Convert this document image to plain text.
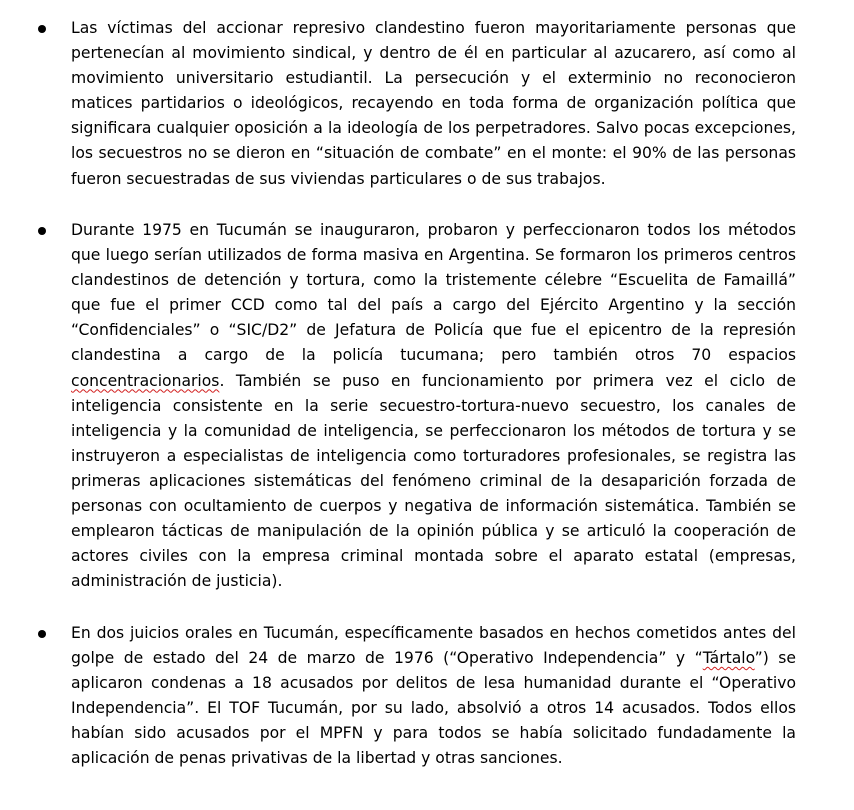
Las víctimas del accionar represivo clandestino fueron mayoritariamente personas que pertenecían al movimiento sindical, y dentro de él en particular al azucarero, así como al movimiento universitario estudiantil. La persecución y el exterminio no reconocieron matices partidarios o ideológicos, recayendo en toda forma de organización política que significara cualquier oposición a la ideología de los perpetradores. Salvo pocas excepciones, los secuestros no se dieron en “situación de combate” en el monte: el 90% de las personas fueron secuestradas de sus viviendas particulares o de sus trabajos.

Durante 1975 en Tucumán se inauguraron, probaron y perfeccionaron todos los métodos que luego serían utilizados de forma masiva en Argentina. Se formaron los primeros centros clandestinos de detención y tortura, como la tristemente célebre “Escuelita de Famaillá” que fue el primer CCD como tal del país a cargo del Ejército Argentino y la sección “Confidenciales” o “SIC/D2” de Jefatura de Policía que fue el epicentro de la represión clandestina a cargo de la policía tucumana; pero también otros 70 espacios concentracionarios. También se puso en funcionamiento por primera vez el ciclo de inteligencia consistente en la serie secuestro-tortura-nuevo secuestro, los canales de inteligencia y la comunidad de inteligencia, se perfeccionaron los métodos de tortura y se instruyeron a especialistas de inteligencia como torturadores profesionales, se registra las primeras aplicaciones sistemáticas del fenómeno criminal de la desaparición forzada de personas con ocultamiento de cuerpos y negativa de información sistemática. También se emplearon tácticas de manipulación de la opinión pública y se articuló la cooperación de actores civiles con la empresa criminal montada sobre el aparato estatal (empresas, administración de justicia).

En dos juicios orales en Tucumán, específicamente basados en hechos cometidos antes del golpe de estado del 24 de marzo de 1976 (“Operativo Independencia” y “Tártalo”) se aplicaron condenas a 18 acusados por delitos de lesa humanidad durante el “Operativo Independencia”. El TOF Tucumán, por su lado, absolvió a otros 14 acusados. Todos ellos habían sido acusados por el MPFN y para todos se había solicitado fundadamente la aplicación de penas privativas de la libertad y otras sanciones.
